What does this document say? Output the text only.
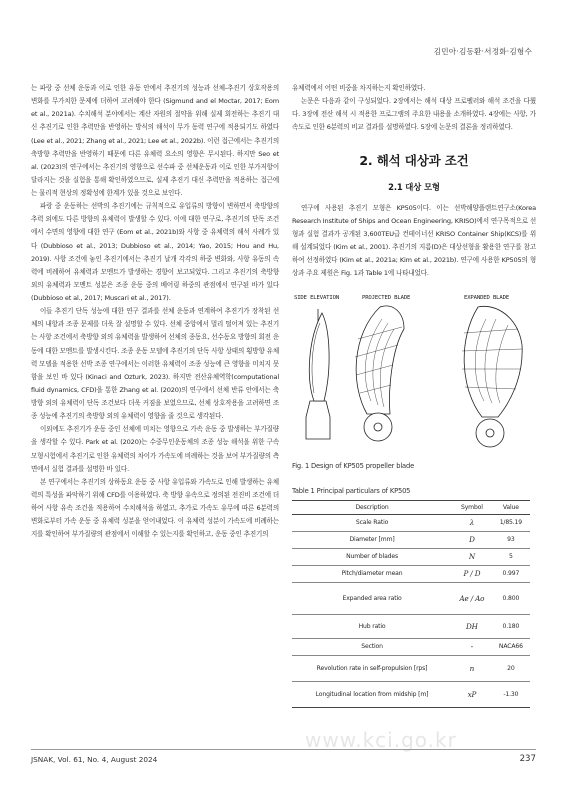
김민아·김동환·서정화·김형수

는 파랑 중 선체 운동과 이로 인한 유동 안에서 추진기의 성능과 선체-추진기 상호작용의 변화를 무가치한 문제에 더하여 고려해야 한다 (Sigmund and el Moctar, 2017; Eom et al., 2021a). 수치해석 분야에서는 계산 자원의 절약을 위해 실제 회전하는 추진기 대신 추진기로 인한 추력만을 반영하는 방식의 해석이 무가 동력 연구에 적용되기도 하였다 (Lee et al., 2021; Zhang et al., 2021; Lee et al., 2022b). 이런 접근에서는 추진기의 축방향 추력만을 반영하기 때문에 다른 유체력 요소의 영향은 무시된다. 하지만 Seo et al. (2023)의 연구에서는 추진기의 영향으로 선수파 중 선체운동과 이로 인한 부가저항이 달라지는 것을 실험을 통해 확인하였으므로, 실제 추진기 대신 추력만을 적용하는 접근에는 물리적 현상의 정확성에 한계가 있을 것으로 보인다.

파랑 중 운동하는 선박의 추진기에는 규칙적으로 유입류의 방향이 변하면서 축방향의 추력 외에도 다른 방향의 유체력이 발생할 수 있다. 이에 대한 연구로, 추진기의 단독 조건에서 수면의 영향에 대한 연구 (Eom et al., 2021b)와 사항 중 유체력의 해석 사례가 있다 (Dubbioso et al., 2013; Dubbioso et al., 2014; Yao, 2015; Hou and Hu, 2019). 사항 조건에 놓인 추진기에서는 추진기 날개 각각의 하중 변화와, 사항 유동의 속력에 비례하여 유체력과 모멘트가 발생하는 경향이 보고되었다. 그리고 추진기의 축방향 외의 유체력과 모멘트 성분은 조종 운동 중의 베어링 하중의 관점에서 연구된 바가 있다 (Dubbioso et al., 2017; Muscari et al., 2017).

이들 추진기 단독 성능에 대한 연구 결과를 선체 운동과 연계하여 추진기가 장착된 선체의 내항과 조종 문제를 더욱 잘 설명할 수 있다. 선체 중앙에서 멀리 떨어져 있는 추진기는 사항 조건에서 축방향 외의 유체력을 발생하여 선체의 종동요, 선수동요 방향의 회전 운동에 대한 모멘트를 발생시킨다. 조종 운동 모델에 추진기의 단독 사항 상태의 횡방향 유체력 모델을 적용한 선박 조종 연구에서는 이러한 유체력이 조종 성능에 큰 영향을 미치지 못함을 보인 바 있다 (Kinaci and Ozturk, 2023). 하지만 전산유체역학(computational fluid dynamics, CFD)을 통한 Zhang et al. (2020)의 연구에서 선체 반류 안에서는 축방향 외의 유체력이 단독 조건보다 더욱 커짐을 보였으므로, 선체 상호작용을 고려하면 조종 성능에 추진기의 축방향 외의 유체력이 영향을 줄 것으로 생각된다.

이외에도 추진기가 운동 중인 선체에 미치는 영향으로 가속 운동 중 발생하는 부가질량을 생각할 수 있다. Park et al. (2020)는 수중무인운동체의 조종 성능 해석을 위한 구속모형시험에서 추진기로 인한 유체력의 차이가 가속도에 비례하는 것을 보여 부가질량의 측면에서 실험 결과를 설명한 바 있다.

본 연구에서는 추진기의 상하동요 운동 중 사항 유입류와 가속도로 인해 발생하는 유체력의 특성을 파악하기 위해 CFD를 이용하였다. 축 방향 유속으로 정의된 전진비 조건에 더하여 사항 유속 조건을 적용하여 수치해석을 하였고, 추가로 가속도 유무에 따른 6분력의 변화로부터 가속 운동 중 유체력 성분을 얻어내었다. 이 유체력 성분이 가속도에 비례하는지를 확인하여 부가질량의 관점에서 이해할 수 있는지를 확인하고, 운동 중인 추진기의

유체력에서 어떤 비중을 차지하는지 확인하였다.

논문은 다음과 같이 구성되었다. 2장에서는 해석 대상 프로펠러와 해석 조건을 다뤘다. 3장에 전산 해석 시 적용한 프로그램의 주요한 내용을 소개하였다. 4장에는 사항, 가속도로 인한 6분력의 비교 결과를 설명하였다. 5장에 논문의 결론을 정리하였다.

2. 해석 대상과 조건
2.1 대상 모형

연구에 사용된 추진기 모형은 KP505이다. 이는 선박해양플랜트연구소(Korea Research Institute of Ships and Ocean Engineering, KRISO)에서 연구목적으로 선형과 실험 결과가 공개된 3,600TEU급 컨테이너선 KRISO Container Ship(KCS)를 위해 설계되었다 (Kim et al., 2001). 추진기의 지름(D)은 대상선형을 활용한 연구를 참고하여 선정하였다 (Kim et al., 2021a; Kim et al., 2021b). 연구에 사용한 KP505의 형상과 주요 제원은 Fig. 1과 Table 1에 나타내었다.

SIDE ELEVATION	PROJECTED BLADE	EXPANDED BLADE
Fig. 1 Design of KP505 propeller blade
Table 1 Principal particulars of KP505
Description	Symbol	Value
Scale Ratio	λ	1/85.19
Diameter [mm]	D	93
Number of blades	N	5
Pitch/diameter mean	P / D	0.997
Expanded area ratio	Ae / Ao	0.800
Hub ratio	DH	0.180
Section	-	NACA66
Revolution rate in self-propulsion [rps]	n	20
Longitudinal location from midship [m]	xP	-1.30
www.kci.go.kr
JSNAK, Vol. 61, No. 4, August 2024	237
